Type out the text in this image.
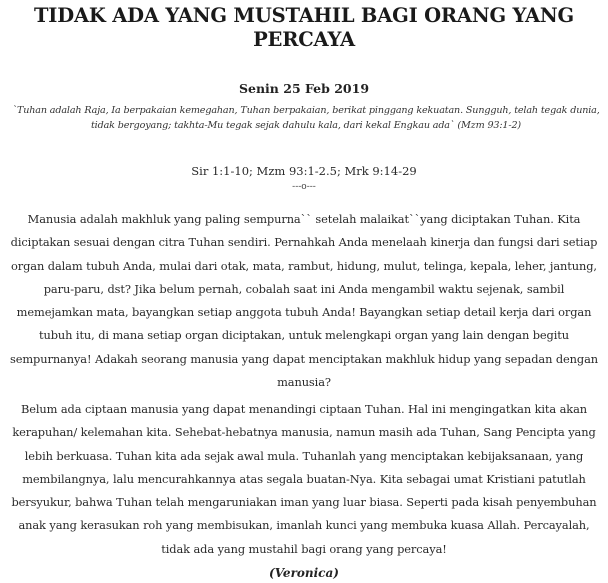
TIDAK ADA YANG MUSTAHIL BAGI ORANG YANG PERCAYA
Senin 25 Feb 2019
`Tuhan adalah Raja, Ia berpakaian kemegahan, Tuhan berpakaian, berikat pinggang kekuatan. Sungguh, telah tegak dunia, tidak bergoyang; takhta-Mu tegak sejak dahulu kala, dari kekal Engkau ada` (Mzm 93:1-2)
Sir 1:1-10; Mzm 93:1-2.5; Mrk 9:14-29
---o---

Manusia adalah makhluk yang paling sempurna`` setelah malaikat``yang diciptakan Tuhan. Kita diciptakan sesuai dengan citra Tuhan sendiri. Pernahkah Anda menelaah kinerja dan fungsi dari setiap organ dalam tubuh Anda, mulai dari otak, mata, rambut, hidung, mulut, telinga, kepala, leher, jantung, paru-paru, dst? Jika belum pernah, cobalah saat ini Anda mengambil waktu sejenak, sambil memejamkan mata, bayangkan setiap anggota tubuh Anda! Bayangkan setiap detail kerja dari organ tubuh itu, di mana setiap organ diciptakan, untuk melengkapi organ yang lain dengan begitu sempurnanya! Adakah seorang manusia yang dapat menciptakan makhluk hidup yang sepadan dengan manusia?

Belum ada ciptaan manusia yang dapat menandingi ciptaan Tuhan. Hal ini mengingatkan kita akan kerapuhan/ kelemahan kita. Sehebat-hebatnya manusia, namun masih ada Tuhan, Sang Pencipta yang lebih berkuasa. Tuhan kita ada sejak awal mula. Tuhanlah yang menciptakan kebijaksanaan, yang membilangnya, lalu mencurahkannya atas segala buatan-Nya. Kita sebagai umat Kristiani patutlah bersyukur, bahwa Tuhan telah mengaruniakan iman yang luar biasa. Seperti pada kisah penyembuhan anak yang kerasukan roh yang membisukan, imanlah kunci yang membuka kuasa Allah. Percayalah, tidak ada yang mustahil bagi orang yang percaya!

(Veronica)
